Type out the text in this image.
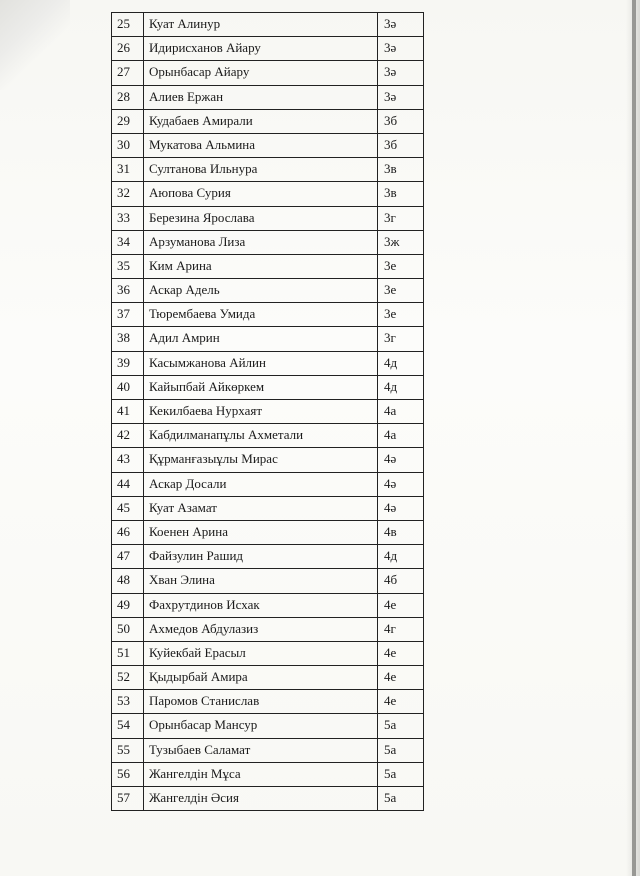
25	Куат Алинур	3ә
26	Идирисханов Айару	3ә
27	Орынбасар Айару	3ә
28	Алиев Ержан	3ә
29	Кудабаев Амирали	3б
30	Мукатова Альмина	3б
31	Султанова Ильнура	3в
32	Аюпова Сурия	3в
33	Березина Ярослава	3г
34	Арзуманова Лиза	3ж
35	Ким Арина	3е
36	Аскар Адель	3е
37	Тюрембаева Умида	3е
38	Адил Амрин	3г
39	Касымжанова Айлин	4д
40	Кайыпбай Айкөркем	4д
41	Кекилбаева Нурхаят	4а
42	Кабдилманапұлы Ахметали	4а
43	Құрманғазыұлы Мирас	4ә
44	Аскар Досали	4ә
45	Куат Азамат	4ә
46	Коенен Арина	4в
47	Файзулин Рашид	4д
48	Хван Элина	4б
49	Фахрутдинов Исхак	4е
50	Ахмедов Абдулазиз	4г
51	Куйекбай Ерасыл	4е
52	Қыдырбай Амира	4е
53	Паромов Станислав	4е
54	Орынбасар Мансур	5а
55	Тузыбаев Саламат	5а
56	Жангелдін Мұса	5а
57	Жангелдін Әсия	5а
